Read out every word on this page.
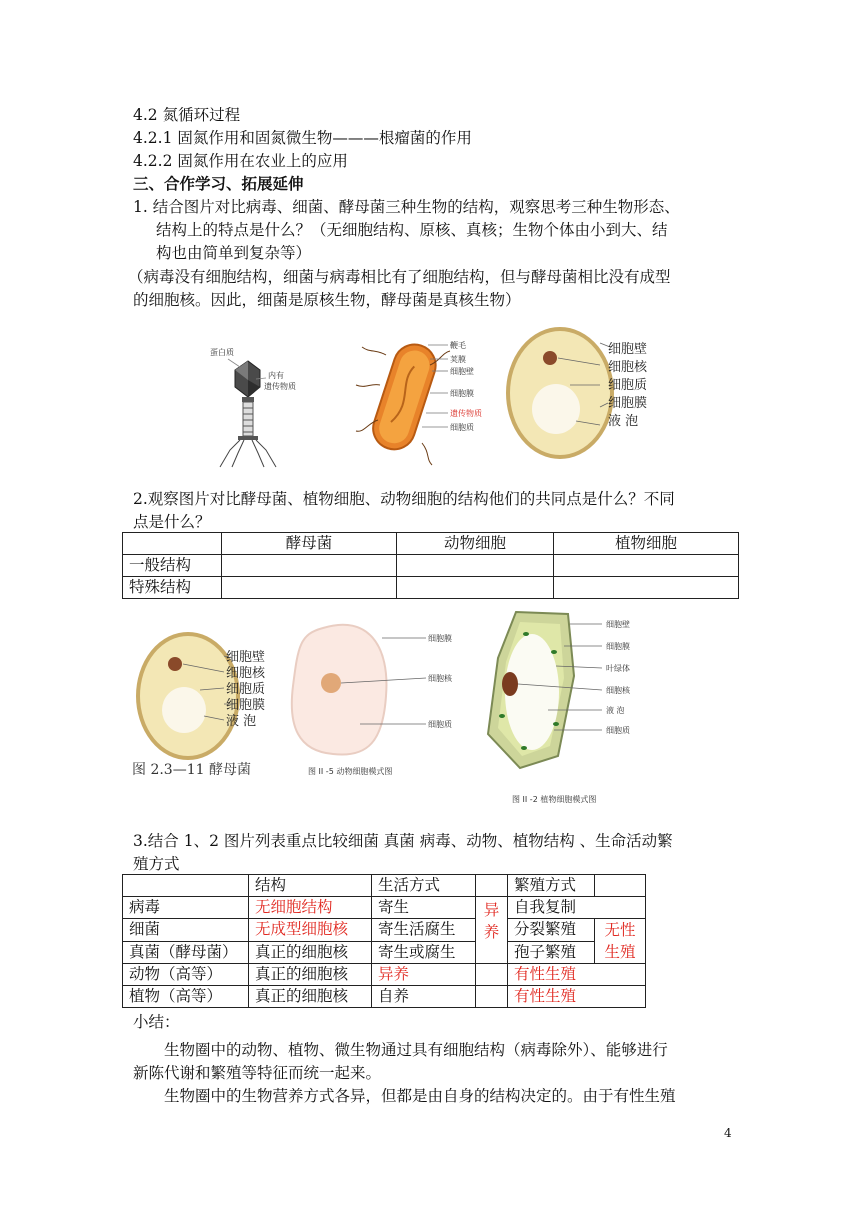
4.2 氮循环过程
4.2.1 固氮作用和固氮微生物———根瘤菌的作用
4.2.2 固氮作用在农业上的应用
三、合作学习、拓展延伸
1. 结合图片对比病毒、细菌、酵母菌三种生物的结构，观察思考三种生物形态、
结构上的特点是什么？（无细胞结构、原核、真核；生物个体由小到大、结
构也由简单到复杂等）
（病毒没有细胞结构，细菌与病毒相比有了细胞结构，但与酵母菌相比没有成型
的细胞核。因此，细菌是原核生物，酵母菌是真核生物）
蛋白质
内有
遗传物质
鞭毛
荚膜
细胞壁
细胞膜
遗传物质
细胞质
细胞壁
细胞核
细胞质
细胞膜
液 泡
2.观察图片对比酵母菌、植物细胞、动物细胞的结构他们的共同点是什么？不同
点是什么？
	酵母菌	动物细胞	植物细胞
一般结构			
特殊结构			
细胞壁
细胞核
细胞质
细胞膜
液 泡
图 2.3—11 酵母菌
细胞膜
细胞核
细胞质
图 II -5 动物细胞模式图
细胞壁
细胞膜
叶绿体
细胞核
液 泡
细胞质
图 II -2 植物细胞模式图
3.结合 1、2 图片列表重点比较细菌 真菌 病毒、动物、植物结构 、生命活动繁
殖方式
	结构	生活方式		繁殖方式	
病毒	无细胞结构	寄生	异养	自我复制	
细菌	无成型细胞核	寄生活腐生		分裂繁殖	无性生殖
真菌（酵母菌）	真正的细胞核	寄生或腐生		孢子繁殖	
动物（高等）	真正的细胞核	异养		有性生殖	
植物（高等）	真正的细胞核	自养		有性生殖	
小结：
生物圈中的动物、植物、微生物通过具有细胞结构（病毒除外）、能够进行
新陈代谢和繁殖等特征而统一起来。
生物圈中的生物营养方式各异，但都是由自身的结构决定的。由于有性生殖
4
